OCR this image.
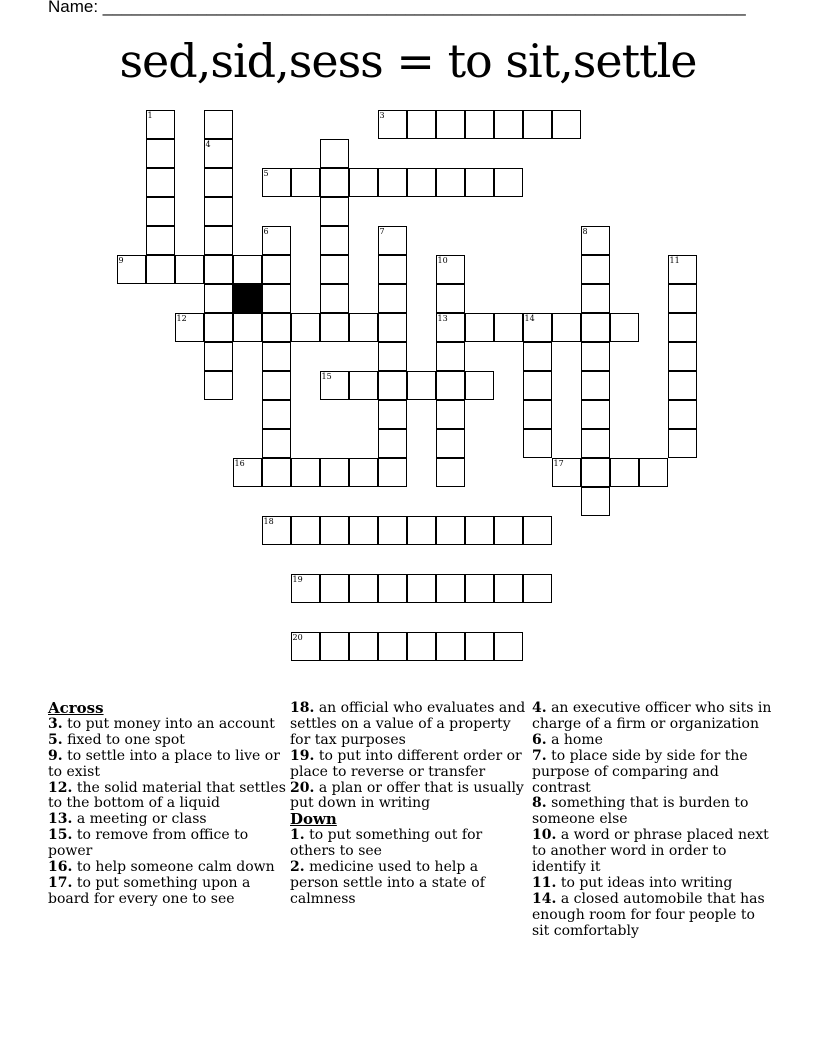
Name: ____________________________________________________________________
sed,sid,sess = to sit,settle
1	3
4
5
6	7	8
9	10	11
12	13	14
15
16	17
18
19
20
Across
3. to put money into an account
5. fixed to one spot
9. to settle into a place to live or to exist
12. the solid material that settles to the bottom of a liquid
13. a meeting or class
15. to remove from office to power
16. to help someone calm down
17. to put something upon a board for every one to see
18. an official who evaluates and settles on a value of a property for tax purposes
19. to put into different order or place to reverse or transfer
20. a plan or offer that is usually put down in writing
Down
1. to put something out for others to see
2. medicine used to help a person settle into a state of calmness
4. an executive officer who sits in charge of a firm or organization
6. a home
7. to place side by side for the purpose of comparing and contrast
8. something that is burden to someone else
10. a word or phrase placed next to another word in order to identify it
11. to put ideas into writing
14. a closed automobile that has enough room for four people to sit comfortably
